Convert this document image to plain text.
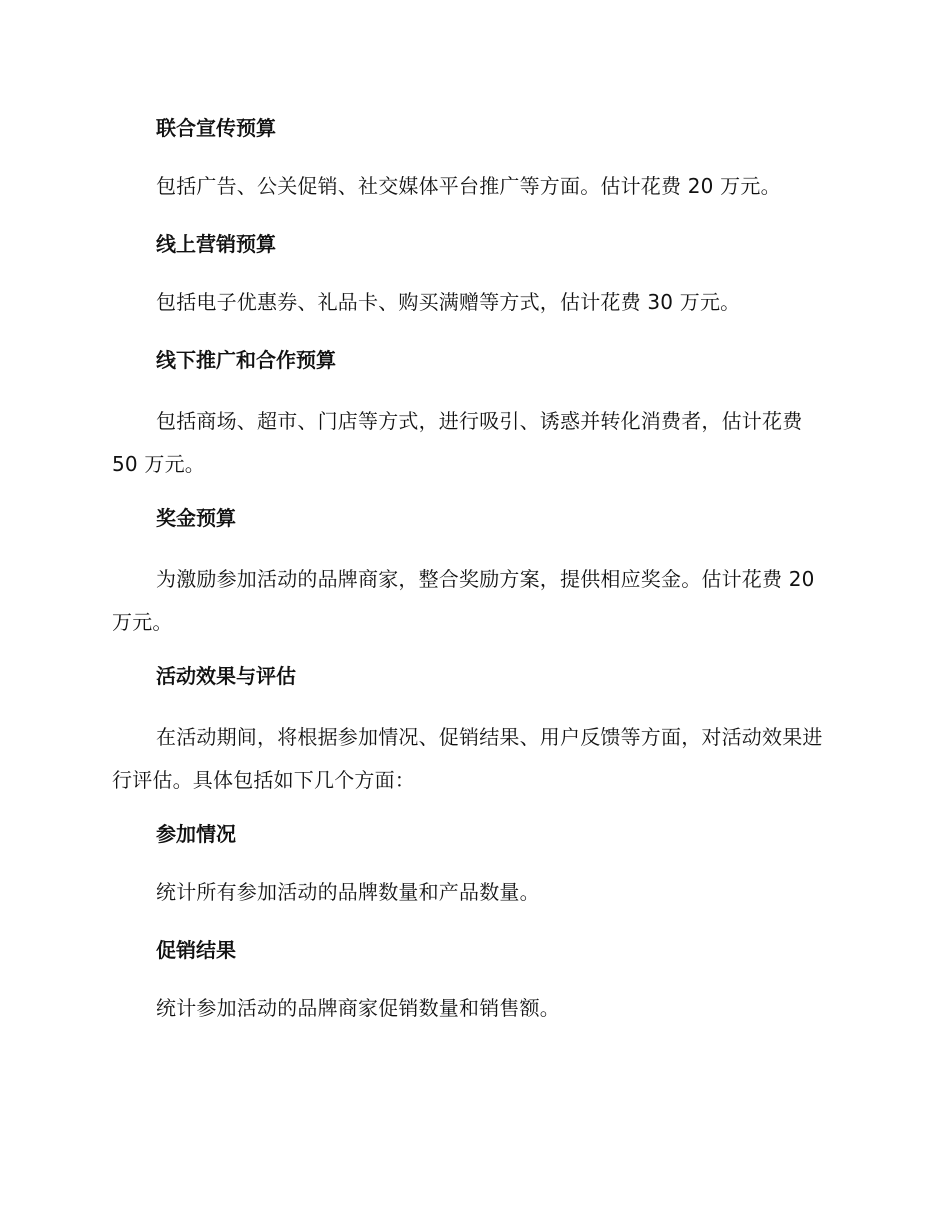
联合宣传预算
包括广告、公关促销、社交媒体平台推广等方面。估计花费 20 万元。
线上营销预算
包括电子优惠券、礼品卡、购买满赠等方式，估计花费 30 万元。
线下推广和合作预算
包括商场、超市、门店等方式，进行吸引、诱惑并转化消费者，估计花费 50 万元。
奖金预算
为激励参加活动的品牌商家，整合奖励方案，提供相应奖金。估计花费 20 万元。
活动效果与评估
在活动期间，将根据参加情况、促销结果、用户反馈等方面，对活动效果进行评估。具体包括如下几个方面：
参加情况
统计所有参加活动的品牌数量和产品数量。
促销结果
统计参加活动的品牌商家促销数量和销售额。
